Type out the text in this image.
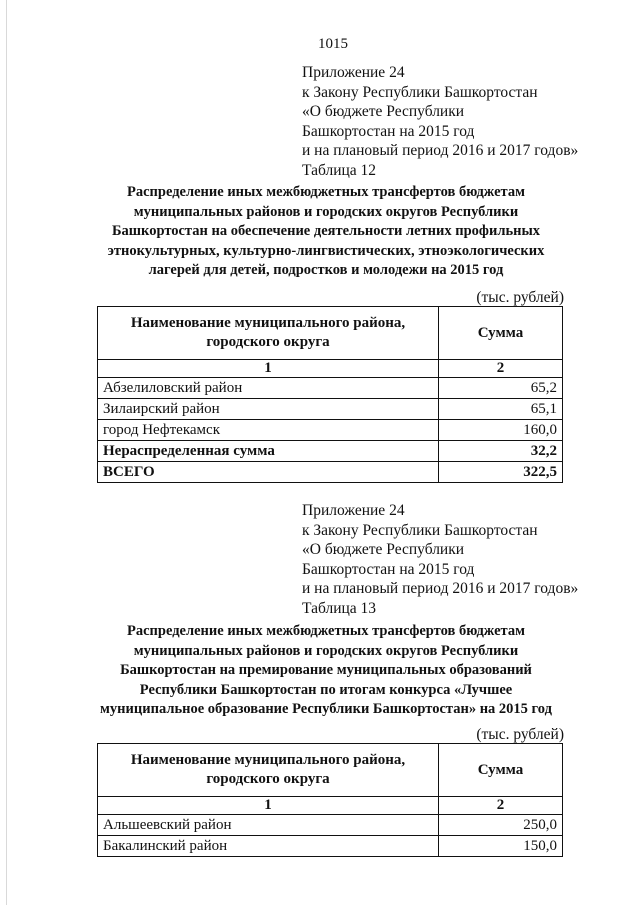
1015
Приложение 24
к Закону Республики Башкортостан
«О бюджете Республики
Башкортостан на 2015 год
и на плановый период 2016 и 2017 годов»
Таблица 12
Распределение иных межбюджетных трансфертов бюджетам
муниципальных районов и городских округов Республики
Башкортостан на обеспечение деятельности летних профильных
этнокультурных, культурно-лингвистических, этноэкологических
лагерей для детей, подростков и молодежи на 2015 год
(тыс. рублей)
Наименование муниципального района, городского округа	Сумма
1	2
Абзелиловский район	65,2
Зилаирский район	65,1
город Нефтекамск	160,0
Нераспределенная сумма	32,2
ВСЕГО	322,5
Приложение 24
к Закону Республики Башкортостан
«О бюджете Республики
Башкортостан на 2015 год
и на плановый период 2016 и 2017 годов»
Таблица 13
Распределение иных межбюджетных трансфертов бюджетам
муниципальных районов и городских округов Республики
Башкортостан на премирование муниципальных образований
Республики Башкортостан по итогам конкурса «Лучшее
муниципальное образование Республики Башкортостан» на 2015 год
(тыс. рублей)
Наименование муниципального района, городского округа	Сумма
1	2
Альшеевский район	250,0
Бакалинский район	150,0
